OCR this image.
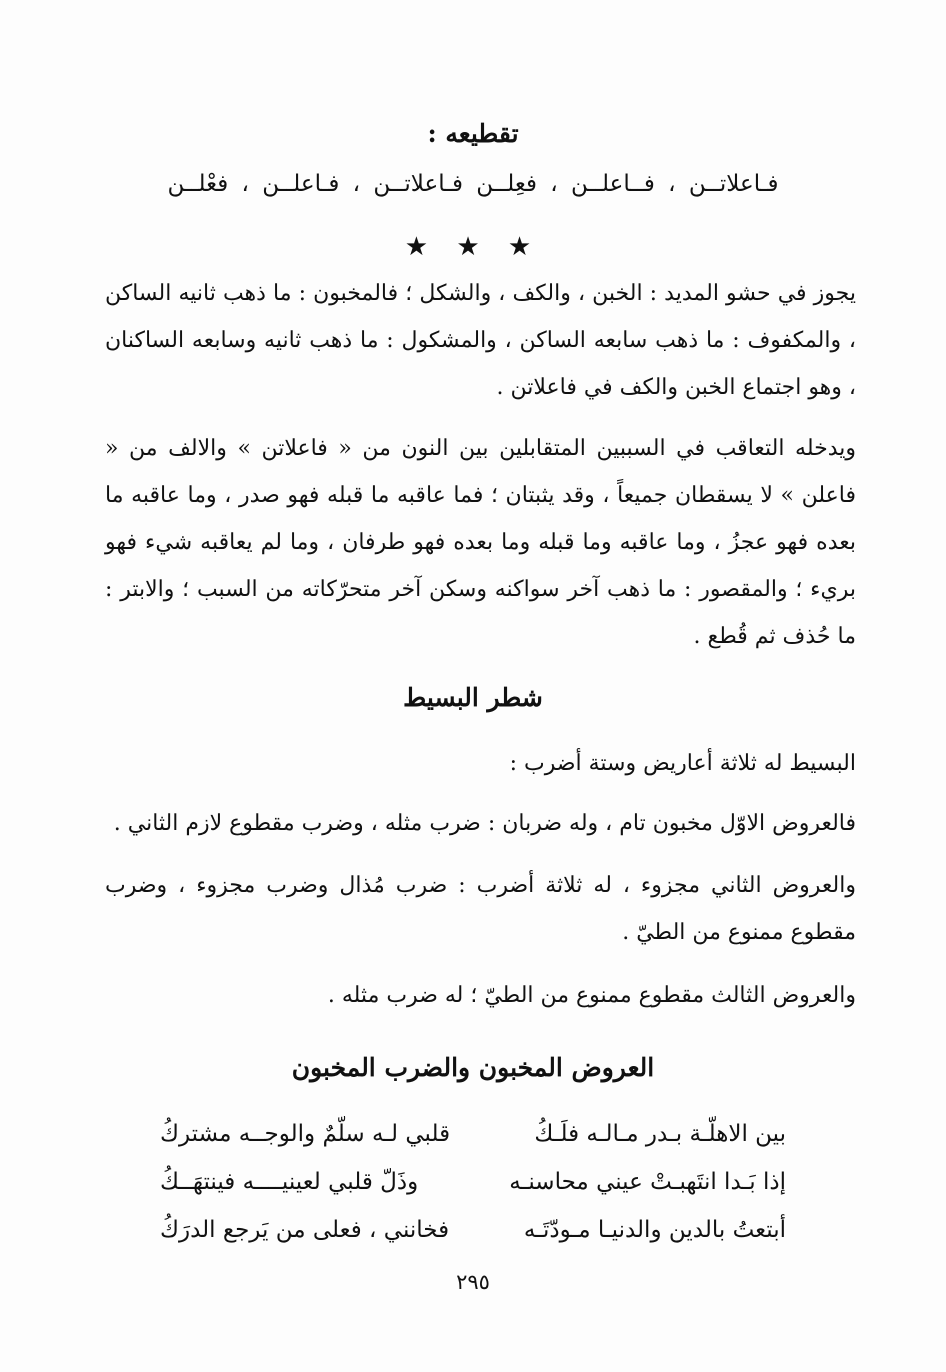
تقطيعه :
فـاعلاتــن ، فــاعلــن ، فعِلــن فـاعلاتــن ، فـاعلــن ، فعْلــن
★ ★ ★

يجوز في حشو المديد : الخبن ، والكف ، والشكل ؛ فالمخبون : ما ذهب ثانيه الساكن ، والمكفوف : ما ذهب سابعه الساكن ، والمشكول : ما ذهب ثانيه وسابعه الساكنان ، وهو اجتماع الخبن والكف في فاعلاتن .

ويدخله التعاقب في السببين المتقابلين بين النون من « فاعلاتن » والالف من « فاعلن » لا يسقطان جميعاً ، وقد يثبتان ؛ فما عاقبه ما قبله فهو صدر ، وما عاقبه ما بعده فهو عجزُ ، وما عاقبه وما قبله وما بعده فهو طرفان ، وما لم يعاقبه شيء فهو بريء ؛ والمقصور : ما ذهب آخر سواكنه وسكن آخر متحرّكاته من السبب ؛ والابتر : ما حُذف ثم قُطع .

شطر البسيط

البسيط له ثلاثة أعاريض وستة أضرب :

فالعروض الاوّل مخبون تام ، وله ضربان : ضرب مثله ، وضرب مقطوع لازم الثاني .

والعروض الثاني مجزوء ، له ثلاثة أضرب : ضرب مُذال وضرب مجزوء ، وضرب مقطوع ممنوع من الطيّ .

والعروض الثالث مقطوع ممنوع من الطيّ ؛ له ضرب مثله .

العروض المخبون والضرب المخبون
بين الاهلّـة بـدر مـالـه فلَـكُ
قلبي لـه سلّمٌ والوجــه مشتركُ
إذا بَـدا انتَهبـتْ عيني محاسنـه
وذَلّ قلبي لعينيــــه فينتهَــكُ
أبتعتُ بالدين والدنيـا مـودّتَـه
فخانني ، فعلى من يَرجع الدرَكُ
٢٩٥
